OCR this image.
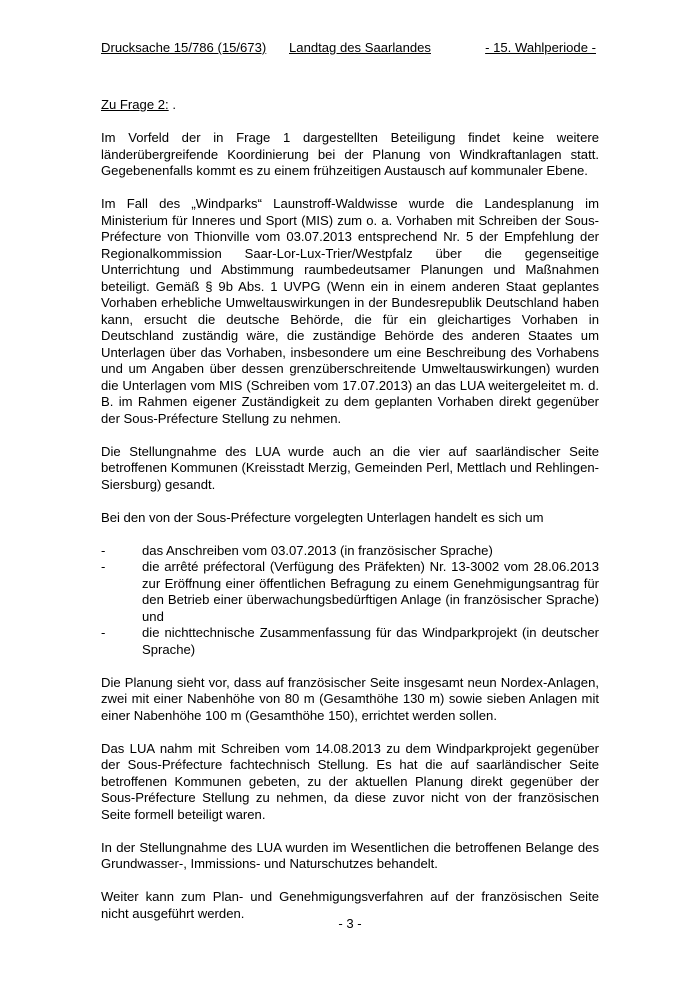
Drucksache 15/786 (15/673) Landtag des Saarlandes	- 15. Wahlperiode -

Zu Frage 2: .

Im Vorfeld der in Frage 1 dargestellten Beteiligung findet keine weitere länderübergreifende Koordinierung bei der Planung von Windkraftanlagen statt. Gegebenenfalls kommt es zu einem frühzeitigen Austausch auf kommunaler Ebene.

Im Fall des „Windparks“ Launstroff-Waldwisse wurde die Landesplanung im Ministerium für Inneres und Sport (MIS) zum o. a. Vorhaben mit Schreiben der Sous-Préfecture von Thionville vom 03.07.2013 entsprechend Nr. 5 der Empfehlung der Regionalkommission Saar-Lor-Lux-Trier/Westpfalz über die gegenseitige Unterrichtung und Abstimmung raumbedeutsamer Planungen und Maßnahmen beteiligt. Gemäß § 9b Abs. 1 UVPG (Wenn ein in einem anderen Staat geplantes Vorhaben erhebliche Umweltauswirkungen in der Bundesrepublik Deutschland haben kann, ersucht die deutsche Behörde, die für ein gleichartiges Vorhaben in Deutschland zuständig wäre, die zuständige Behörde des anderen Staates um Unterlagen über das Vorhaben, insbesondere um eine Beschreibung des Vorhabens und um Angaben über dessen grenzüberschreitende Umweltauswirkungen) wurden die Unterlagen vom MIS (Schreiben vom 17.07.2013) an das LUA weitergeleitet m. d. B. im Rahmen eigener Zuständigkeit zu dem geplanten Vorhaben direkt gegenüber der Sous-Préfecture Stellung zu nehmen.

Die Stellungnahme des LUA wurde auch an die vier auf saarländischer Seite betroffenen Kommunen (Kreisstadt Merzig, Gemeinden Perl, Mettlach und Rehlingen-Siersburg) gesandt.

Bei den von der Sous-Préfecture vorgelegten Unterlagen handelt es sich um

-	das Anschreiben vom 03.07.2013 (in französischer Sprache)
-	die arrêté préfectoral (Verfügung des Präfekten) Nr. 13-3002 vom 28.06.2013 zur Eröffnung einer öffentlichen Befragung zu einem Genehmigungsantrag für den Betrieb einer überwachungsbedürftigen Anlage (in französischer Sprache) und
-	die nichttechnische Zusammenfassung für das Windparkprojekt (in deutscher Sprache)

Die Planung sieht vor, dass auf französischer Seite insgesamt neun Nordex-Anlagen, zwei mit einer Nabenhöhe von 80 m (Gesamthöhe 130 m) sowie sieben Anlagen mit einer Nabenhöhe 100 m (Gesamthöhe 150), errichtet werden sollen.

Das LUA nahm mit Schreiben vom 14.08.2013 zu dem Windparkprojekt gegenüber der Sous-Préfecture fachtechnisch Stellung. Es hat die auf saarländischer Seite betroffenen Kommunen gebeten, zu der aktuellen Planung direkt gegenüber der Sous-Préfecture Stellung zu nehmen, da diese zuvor nicht von der französischen Seite formell beteiligt waren.

In der Stellungnahme des LUA wurden im Wesentlichen die betroffenen Belange des Grundwasser-, Immissions- und Naturschutzes behandelt.

Weiter kann zum Plan- und Genehmigungsverfahren auf der französischen Seite nicht ausgeführt werden.

- 3 -
